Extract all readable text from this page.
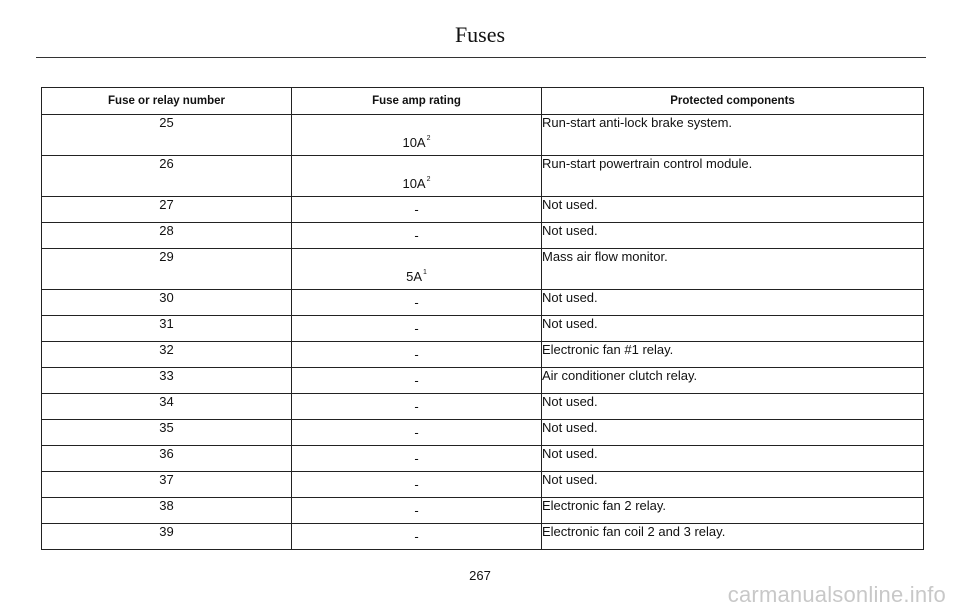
Fuses
Fuse or relay number	Fuse amp rating	Protected components
25	10A$^2$	Run-start anti-lock brake system.
26	10A$^2$	Run-start powertrain control module.
27	-	Not used.
28	-	Not used.
29	5A$^1$	Mass air flow monitor.
30	-	Not used.
31	-	Not used.
32	-	Electronic fan #1 relay.
33	-	Air conditioner clutch relay.
34	-	Not used.
35	-	Not used.
36	-	Not used.
37	-	Not used.
38	-	Electronic fan 2 relay.
39	-	Electronic fan coil 2 and 3 relay.
267
carmanualsonline.info
